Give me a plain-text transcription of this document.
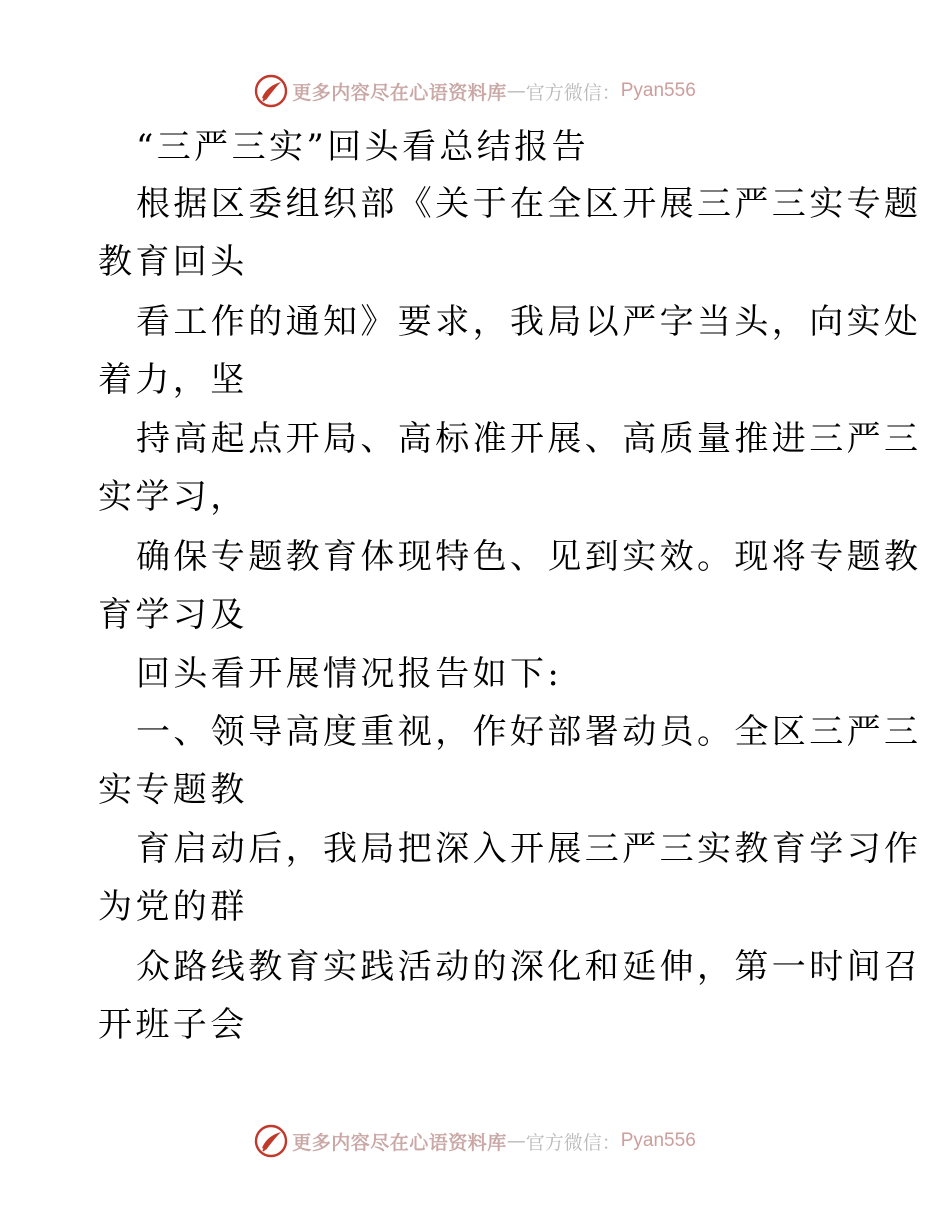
更多内容尽在心语资料库 — 官方微信： Pyan556
“三严三实”回头看总结报告
根据区委组织部《关于在全区开展三严三实专题
教育回头
看工作的通知》要求，我局以严字当头，向实处
着力，坚
持高起点开局、高标准开展、高质量推进三严三
实学习，
确保专题教育体现特色、见到实效。现将专题教
育学习及
回头看开展情况报告如下:
一、领导高度重视，作好部署动员。全区三严三
实专题教
育启动后，我局把深入开展三严三实教育学习作
为党的群
众路线教育实践活动的深化和延伸，第一时间召
开班子会
更多内容尽在心语资料库 — 官方微信： Pyan556
